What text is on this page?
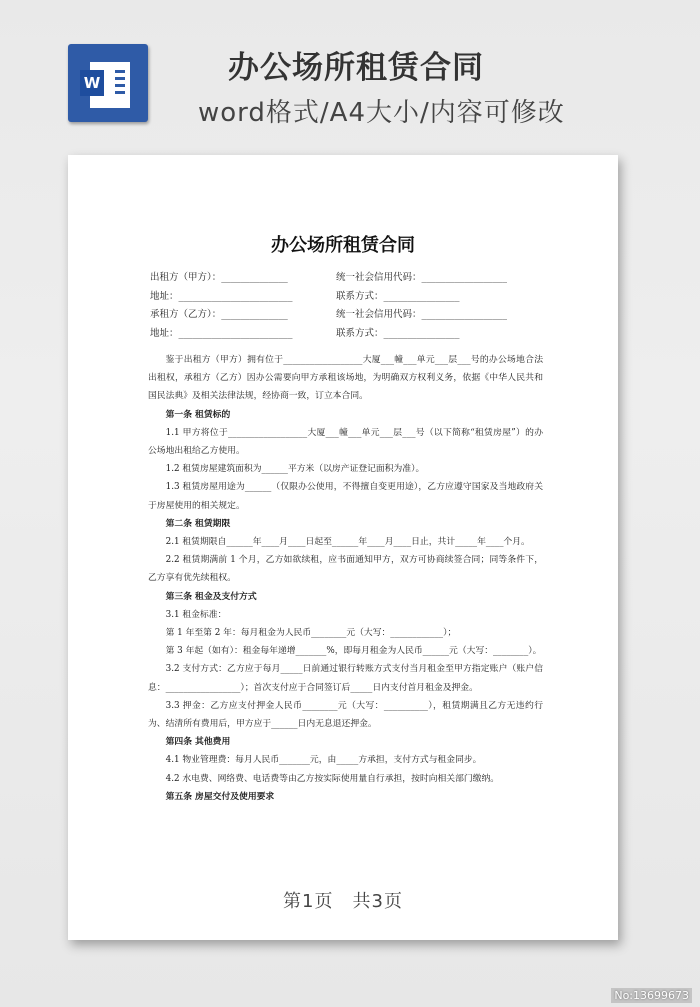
W	办公场所租赁合同
word格式/A4大小/内容可修改
办公场所租赁合同
出租方（甲方）：______________	统一社会信用代码：__________________
地址：________________________	联系方式：________________
承租方（乙方）：______________	统一社会信用代码：__________________
地址：________________________	联系方式：________________

鉴于出租方（甲方）拥有位于__________________大厦___幢___单元___层___号的办公场地合法出租权，承租方（乙方）因办公需要向甲方承租该场地，为明确双方权利义务，依据《中华人民共和国民法典》及相关法律法规，经协商一致，订立本合同。

第一条 租赁标的

1.1 甲方将位于__________________大厦___幢___单元___层___号（以下简称“租赁房屋”）的办公场地出租给乙方使用。

1.2 租赁房屋建筑面积为______平方米（以房产证登记面积为准）。

1.3 租赁房屋用途为______（仅限办公使用，不得擅自变更用途），乙方应遵守国家及当地政府关于房屋使用的相关规定。

第二条 租赁期限

2.1 租赁期限自______年____月____日起至______年____月____日止，共计_____年____个月。

2.2 租赁期满前 1 个月，乙方如欲续租，应书面通知甲方，双方可协商续签合同；同等条件下，乙方享有优先续租权。

第三条 租金及支付方式

3.1 租金标准：

第 1 年至第 2 年：每月租金为人民币________元（大写：____________）；

第 3 年起（如有）：租金每年递增_______%，即每月租金为人民币______元（大写：________）。

3.2 支付方式：乙方应于每月_____日前通过银行转账方式支付当月租金至甲方指定账户（账户信息：_________________）；首次支付应于合同签订后_____日内支付首月租金及押金。

3.3 押金：乙方应支付押金人民币________元（大写：__________），租赁期满且乙方无违约行为、结清所有费用后，甲方应于______日内无息退还押金。

第四条 其他费用

4.1 物业管理费：每月人民币_______元，由_____方承担，支付方式与租金同步。

4.2 水电费、网络费、电话费等由乙方按实际使用量自行承担，按时向相关部门缴纳。

第五条 房屋交付及使用要求

第1页　共3页
No:13699673
